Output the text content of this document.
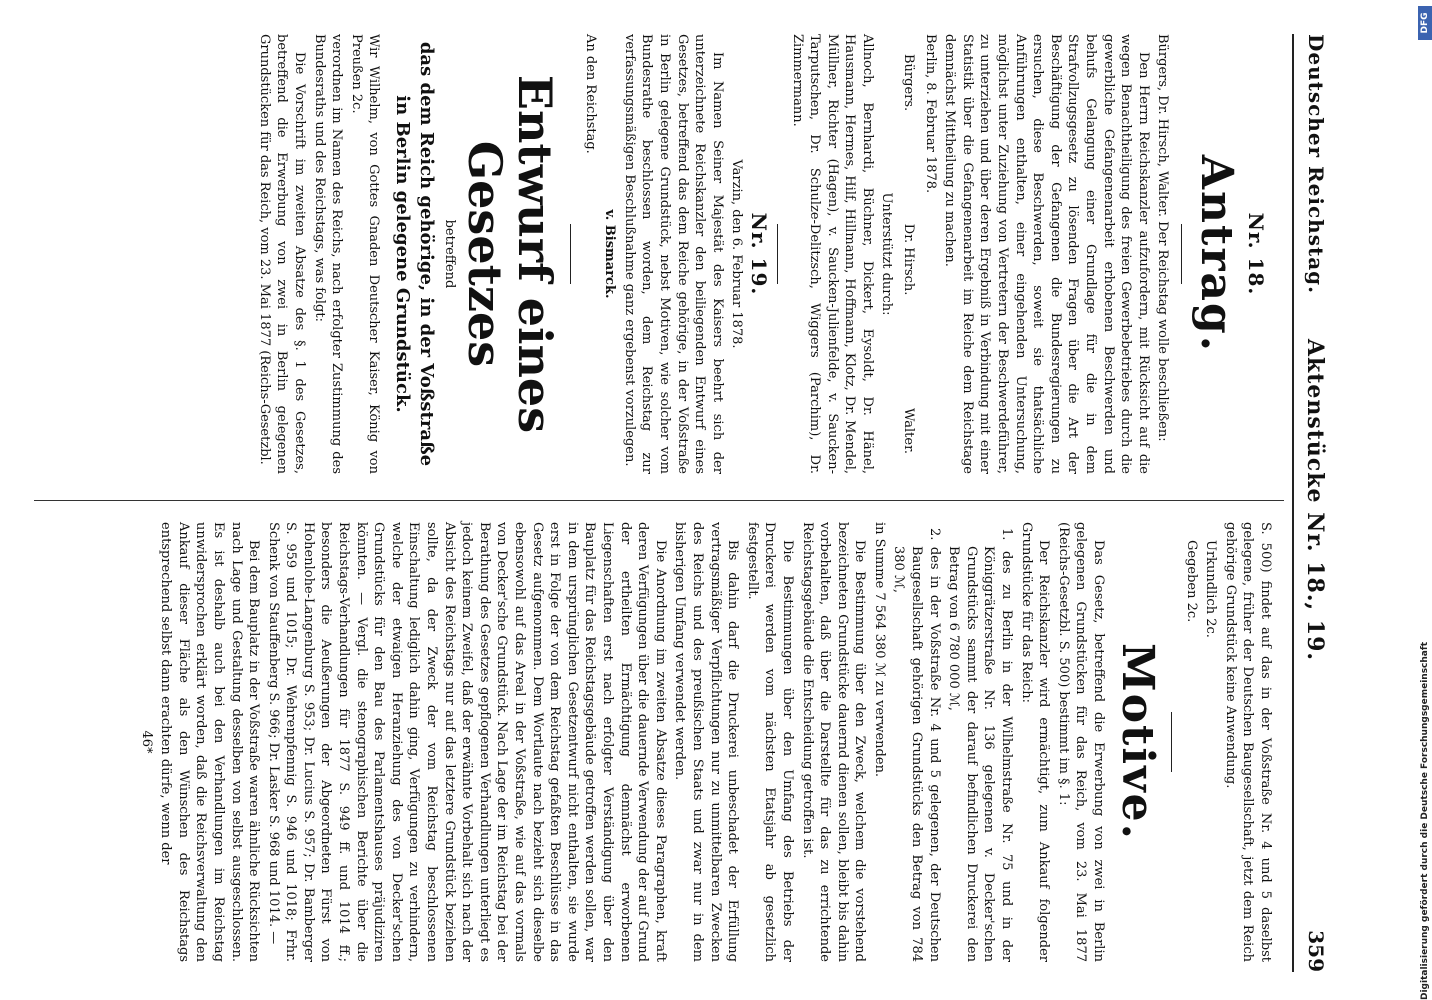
Deutscher Reichstag.
Aktenstücke Nr. 18., 19.
359
Nr. 18.
Antrag.

Bürgers, Dr. Hirsch, Walter. Der Reichstag wolle beschließen:

Den Herrn Reichskanzler aufzufordern, mit Rücksicht auf die wegen Benachtheiligung des freien Gewerbebetriebes durch die gewerbliche Gefangenenarbeit erhobenen Beschwerden und behufs Gelangung einer Grundlage für die in dem Strafvollzugsgesetz zu lösenden Fragen über die Art der Beschäftigung der Gefangenen die Bundesregierungen zu ersuchen, diese Beschwerden, soweit sie thatsächliche Anführungen enthalten, einer eingehenden Untersuchung, möglichst unter Zuziehung von Vertretern der Beschwerdeführer, zu unterziehen und über deren Ergebniß in Verbindung mit einer Statistik über die Gefangenenarbeit im Reiche dem Reichstage demnächst Mittheilung zu machen.

Berlin, 8. Februar 1878.

Bürgers.
Dr. Hirsch.
Walter.

Unterstützt durch:

Allnoch, Bernhardi, Büchner, Dickert, Eysoldt, Dr. Hänel, Hausmann, Hermes, Hilf, Hillmann, Hoffmann, Klotz, Dr. Mendel, Müllner, Richter (Hagen), v. Saucken-Julienfelde, v. Saucken-Tarputschen, Dr. Schulze-Delitzsch, Wiggers (Parchim), Dr. Zimmermann.

Nr. 19.

Varzin, den 6. Februar 1878.

Im Namen Seiner Majestät des Kaisers beehrt sich der unterzeichnete Reichskanzler den beiliegenden Entwurf eines Gesetzes, betreffend das dem Reiche gehörige, in der Voßstraße in Berlin gelegene Grundstück, nebst Motiven, wie solcher vom Bundesrathe beschlossen worden, dem Reichstag zur verfassungsmäßigen Beschlußnahme ganz ergebenst vorzulegen.

v. Bismarck.

An den Reichstag.

Entwurf eines Gesetzes
betreffend
das dem Reich gehörige, in der Voßstraße in Berlin gelegene Grundstück.

Wir Wilhelm, von Gottes Gnaden Deutscher Kaiser, König von Preußen 2c.

verordnen im Namen des Reichs, nach erfolgter Zustimmung des Bundesraths und des Reichstags, was folgt:

Die Vorschrift im zweiten Absatze des §. 1 des Gesetzes, betreffend die Erwerbung von zwei in Berlin gelegenen Grundstücken für das Reich, vom 23. Mai 1877 (Reichs-Gesetzbl.

S. 500) findet auf das in der Voßstraße Nr. 4 und 5 daselbst gelegene, früher der Deutschen Baugesellschaft, jetzt dem Reich gehörige Grundstück keine Anwendung.

Urkundlich 2c.

Gegeben 2c.

Motive.

Das Gesetz, betreffend die Erwerbung von zwei in Berlin gelegenen Grundstücken für das Reich, vom 23. Mai 1877 (Reichs-Gesetzbl. S. 500) bestimmt im §. 1:

Der Reichskanzler wird ermächtigt, zum Ankauf folgender Grundstücke für das Reich:

1. des zu Berlin in der Wilhelmstraße Nr. 75 und in der Königgrätzerstraße Nr. 136 gelegenen v. Decker'schen Grundstücks sammt der darauf befindlichen Druckerei den Betrag von 6 780 000 ℳ,

2. des in der Voßstraße Nr. 4 und 5 gelegenen, der Deutschen Baugesellschaft gehörigen Grundstücks den Betrag von 784 380 ℳ,

in Summe 7 564 380 ℳ zu verwenden.

Die Bestimmung über den Zweck, welchem die vorstehend bezeichneten Grundstücke dauernd dienen sollen, bleibt bis dahin vorbehalten, daß über die Darstellte für das zu errichtende Reichstagsgebäude die Entscheidung getroffen ist.

Die Bestimmungen über den Umfang des Betriebs der Druckerei werden vom nächsten Etatsjahr ab gesetzlich festgestellt.

Bis dahin darf die Druckerei unbeschadet der Erfüllung vertragsmäßiger Verpflichtungen nur zu unmittelbaren Zwecken des Reichs und des preußischen Staats und zwar nur in dem bisherigen Umfang verwendet werden.

Die Anordnung im zweiten Absatze dieses Paragraphen, kraft deren Verfügungen über die dauernde Verwendung der auf Grund der ertheilten Ermächtigung demnächst erworbenen Liegenschaften erst nach erfolgter Verständigung über den Bauplatz für das Reichstagsgebäude getroffen werden sollen, war in dem ursprünglichen Gesetzentwurf nicht enthalten, sie wurde erst in Folge der von dem Reichstag gefaßten Beschlüsse in das Gesetz aufgenommen. Dem Wortlaute nach bezieht sich dieselbe ebensowohl auf das Areal in der Voßstraße, wie auf das vormals von Decker'sche Grundstück. Nach Lage der im Reichstag bei der Berathung des Gesetzes gepflogenen Verhandlungen unterliegt es jedoch keinem Zweifel, daß der erwähnte Vorbehalt sich nach der Absicht des Reichstags nur auf das letztere Grundstück beziehen sollte, da der Zweck der vom Reichstag beschlossenen Einschaltung lediglich dahin ging, Verfügungen zu verhindern, welche der etwaigen Heranziehung des von Decker'schen Grundstücks für den Bau des Parlamentshauses präjudiziren könnten. — Vergl. die stenographischen Berichte über die Reichstags-Verhandlungen für 1877 S. 949 ff. und 1014 ff.; besonders die Aeußerungen der Abgeordneten Fürst von Hohenlohe-Langenburg S. 953; Dr. Lucius S. 957; Dr. Bamberger S. 959 und 1015; Dr. Wehrenpfennig S. 946 und 1018; Frhr. Schenk von Stauffenberg S. 966; Dr. Lasker S. 968 und 1014. —

Bei dem Bauplatz in der Voßstraße waren ähnliche Rücksichten nach Lage und Gestaltung desselben von selbst ausgeschlossen. Es ist deshalb auch bei den Verhandlungen im Reichstag unwidersprochen erklärt worden, daß die Reichsverwaltung den Ankauf dieser Fläche als den Wünschen des Reichstags entsprechend selbst dann erachten dürfe, wenn der

46*

DFG
Digitalisierung gefördert durch die Deutsche Forschungsgemeinschaft
